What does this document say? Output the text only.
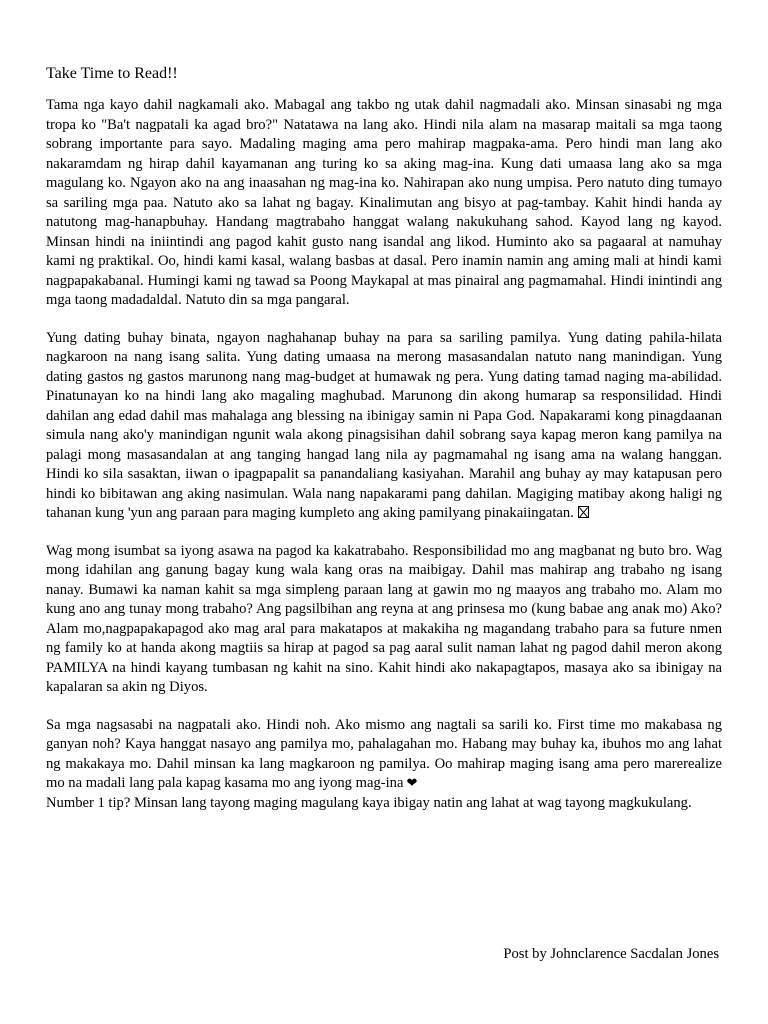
Take Time to Read!!

Tama nga kayo dahil nagkamali ako. Mabagal ang takbo ng utak dahil nagmadali ako. Minsan sinasabi ng mga tropa ko "Ba't nagpatali ka agad bro?" Natatawa na lang ako. Hindi nila alam na masarap maitali sa mga taong sobrang importante para sayo. Madaling maging ama pero mahirap magpaka-ama. Pero hindi man lang ako nakaramdam ng hirap dahil kayamanan ang turing ko sa aking mag-ina. Kung dati umaasa lang ako sa mga magulang ko. Ngayon ako na ang inaasahan ng mag-ina ko. Nahirapan ako nung umpisa. Pero natuto ding tumayo sa sariling mga paa. Natuto ako sa lahat ng bagay. Kinalimutan ang bisyo at pag-tambay. Kahit hindi handa ay natutong mag-hanapbuhay. Handang magtrabaho hanggat walang nakukuhang sahod. Kayod lang ng kayod. Minsan hindi na iniintindi ang pagod kahit gusto nang isandal ang likod. Huminto ako sa pagaaral at namuhay kami ng praktikal. Oo, hindi kami kasal, walang basbas at dasal. Pero inamin namin ang aming mali at hindi kami nagpapakabanal. Humingi kami ng tawad sa Poong Maykapal at mas pinairal ang pagmamahal. Hindi inintindi ang mga taong madadaldal. Natuto din sa mga pangaral.

Yung dating buhay binata, ngayon naghahanap buhay na para sa sariling pamilya. Yung dating pahila-hilata nagkaroon na nang isang salita. Yung dating umaasa na merong masasandalan natuto nang manindigan. Yung dating gastos ng gastos marunong nang mag-budget at humawak ng pera. Yung dating tamad naging ma-abilidad. Pinatunayan ko na hindi lang ako magaling maghubad. Marunong din akong humarap sa responsilidad. Hindi dahilan ang edad dahil mas mahalaga ang blessing na ibinigay samin ni Papa God. Napakarami kong pinagdaanan simula nang ako'y manindigan ngunit wala akong pinagsisihan dahil sobrang saya kapag meron kang pamilya na palagi mong masasandalan at ang tanging hangad lang nila ay pagmamahal ng isang ama na walang hanggan. Hindi ko sila sasaktan, iiwan o ipagpapalit sa panandaliang kasiyahan. Marahil ang buhay ay may katapusan pero hindi ko bibitawan ang aking nasimulan. Wala nang napakarami pang dahilan. Magiging matibay akong haligi ng tahanan kung 'yun ang paraan para maging kumpleto ang aking pamilyang pinakaiingatan.

Wag mong isumbat sa iyong asawa na pagod ka kakatrabaho. Responsibilidad mo ang magbanat ng buto bro. Wag mong idahilan ang ganung bagay kung wala kang oras na maibigay. Dahil mas mahirap ang trabaho ng isang nanay. Bumawi ka naman kahit sa mga simpleng paraan lang at gawin mo ng maayos ang trabaho mo. Alam mo kung ano ang tunay mong trabaho? Ang pagsilbihan ang reyna at ang prinsesa mo (kung babae ang anak mo) Ako? Alam mo,nagpapakapagod ako mag aral para makatapos at makakiha ng magandang trabaho para sa future nmen ng family ko at handa akong magtiis sa hirap at pagod sa pag aaral sulit naman lahat ng pagod dahil meron akong PAMILYA na hindi kayang tumbasan ng kahit na sino. Kahit hindi ako nakapagtapos, masaya ako sa ibinigay na kapalaran sa akin ng Diyos.

Sa mga nagsasabi na nagpatali ako. Hindi noh. Ako mismo ang nagtali sa sarili ko. First time mo makabasa ng ganyan noh? Kaya hanggat nasayo ang pamilya mo, pahalagahan mo. Habang may buhay ka, ibuhos mo ang lahat ng makakaya mo. Dahil minsan ka lang magkaroon ng pamilya. Oo mahirap maging isang ama pero marerealize mo na madali lang pala kapag kasama mo ang iyong mag-ina ❤
Number 1 tip? Minsan lang tayong maging magulang kaya ibigay natin ang lahat at wag tayong magkukulang.

Post by Johnclarence Sacdalan Jones
